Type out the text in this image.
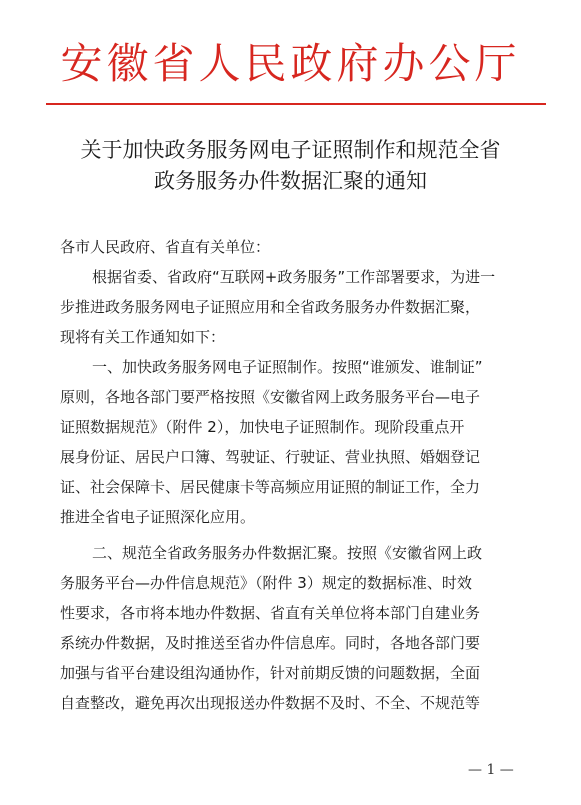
安徽省人民政府办公厅
关于加快政务服务网电子证照制作和规范全省
政务服务办件数据汇聚的通知

各市人民政府、省直有关单位：

根据省委、省政府“互联网+政务服务”工作部署要求，为进一

步推进政务服务网电子证照应用和全省政务服务办件数据汇聚，

现将有关工作通知如下：

一、加快政务服务网电子证照制作。按照“谁颁发、谁制证”

原则，各地各部门要严格按照《安徽省网上政务服务平台—电子

证照数据规范》（附件 2），加快电子证照制作。现阶段重点开

展身份证、居民户口簿、驾驶证、行驶证、营业执照、婚姻登记

证、社会保障卡、居民健康卡等高频应用证照的制证工作，全力

推进全省电子证照深化应用。

二、规范全省政务服务办件数据汇聚。按照《安徽省网上政

务服务平台—办件信息规范》（附件 3）规定的数据标准、时效

性要求，各市将本地办件数据、省直有关单位将本部门自建业务

系统办件数据，及时推送至省办件信息库。同时，各地各部门要

加强与省平台建设组沟通协作，针对前期反馈的问题数据，全面

自查整改，避免再次出现报送办件数据不及时、不全、不规范等

— 1 —
